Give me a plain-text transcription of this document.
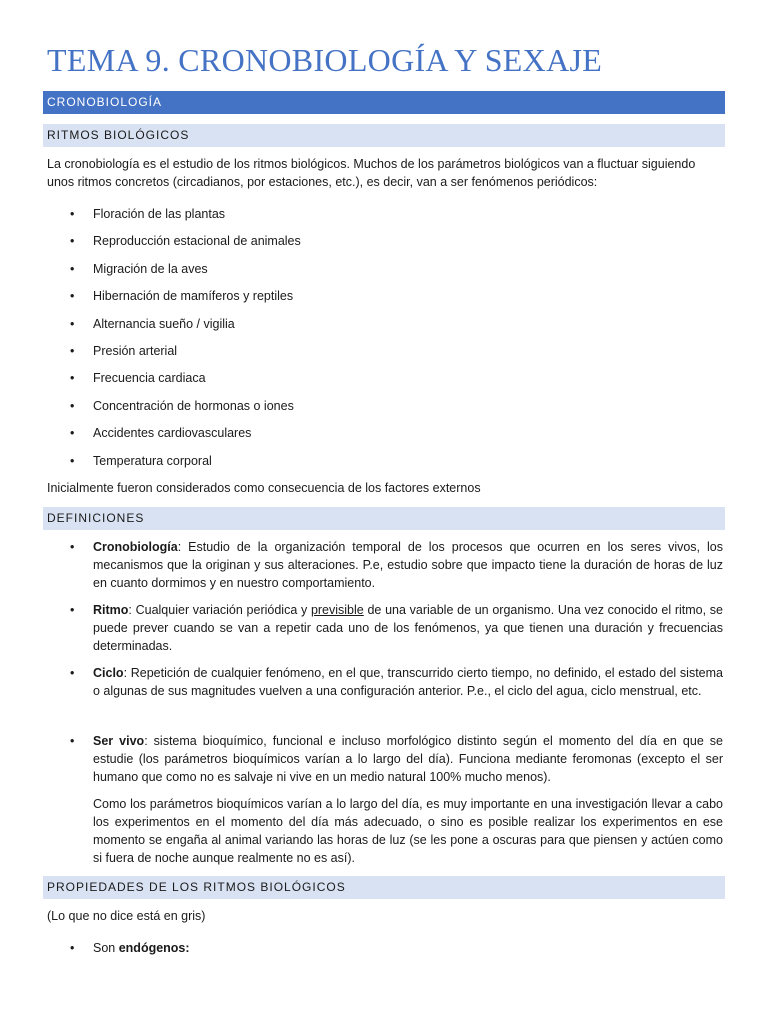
TEMA 9. CRONOBIOLOGÍA Y SEXAJE
CRONOBIOLOGÍA
RITMOS BIOLÓGICOS
La cronobiología es el estudio de los ritmos biológicos. Muchos de los parámetros biológicos van a fluctuar siguiendo unos ritmos concretos (circadianos, por estaciones, etc.), es decir, van a ser fenómenos periódicos:
• Floración de las plantas
• Reproducción estacional de animales
• Migración de la aves
• Hibernación de mamíferos y reptiles
• Alternancia sueño / vigilia
• Presión arterial
• Frecuencia cardiaca
• Concentración de hormonas o iones
• Accidentes cardiovasculares
• Temperatura corporal
Inicialmente fueron considerados como consecuencia de los factores externos
DEFINICIONES
• Cronobiología: Estudio de la organización temporal de los procesos que ocurren en los seres vivos, los mecanismos que la originan y sus alteraciones. P.e, estudio sobre que impacto tiene la duración de horas de luz en cuanto dormimos y en nuestro comportamiento.
• Ritmo: Cualquier variación periódica y previsible de una variable de un organismo. Una vez conocido el ritmo, se puede prever cuando se van a repetir cada uno de los fenómenos, ya que tienen una duración y frecuencias determinadas.
• Ciclo: Repetición de cualquier fenómeno, en el que, transcurrido cierto tiempo, no definido, el estado del sistema o algunas de sus magnitudes vuelven a una configuración anterior. P.e., el ciclo del agua, ciclo menstrual, etc.
• Ser vivo: sistema bioquímico, funcional e incluso morfológico distinto según el momento del día en que se estudie (los parámetros bioquímicos varían a lo largo del día). Funciona mediante feromonas (excepto el ser humano que como no es salvaje ni vive en un medio natural 100% mucho menos).
Como los parámetros bioquímicos varían a lo largo del día, es muy importante en una investigación llevar a cabo los experimentos en el momento del día más adecuado, o sino es posible realizar los experimentos en ese momento se engaña al animal variando las horas de luz (se les pone a oscuras para que piensen y actúen como si fuera de noche aunque realmente no es así).
PROPIEDADES DE LOS RITMOS BIOLÓGICOS
(Lo que no dice está en gris)
• Son endógenos:
